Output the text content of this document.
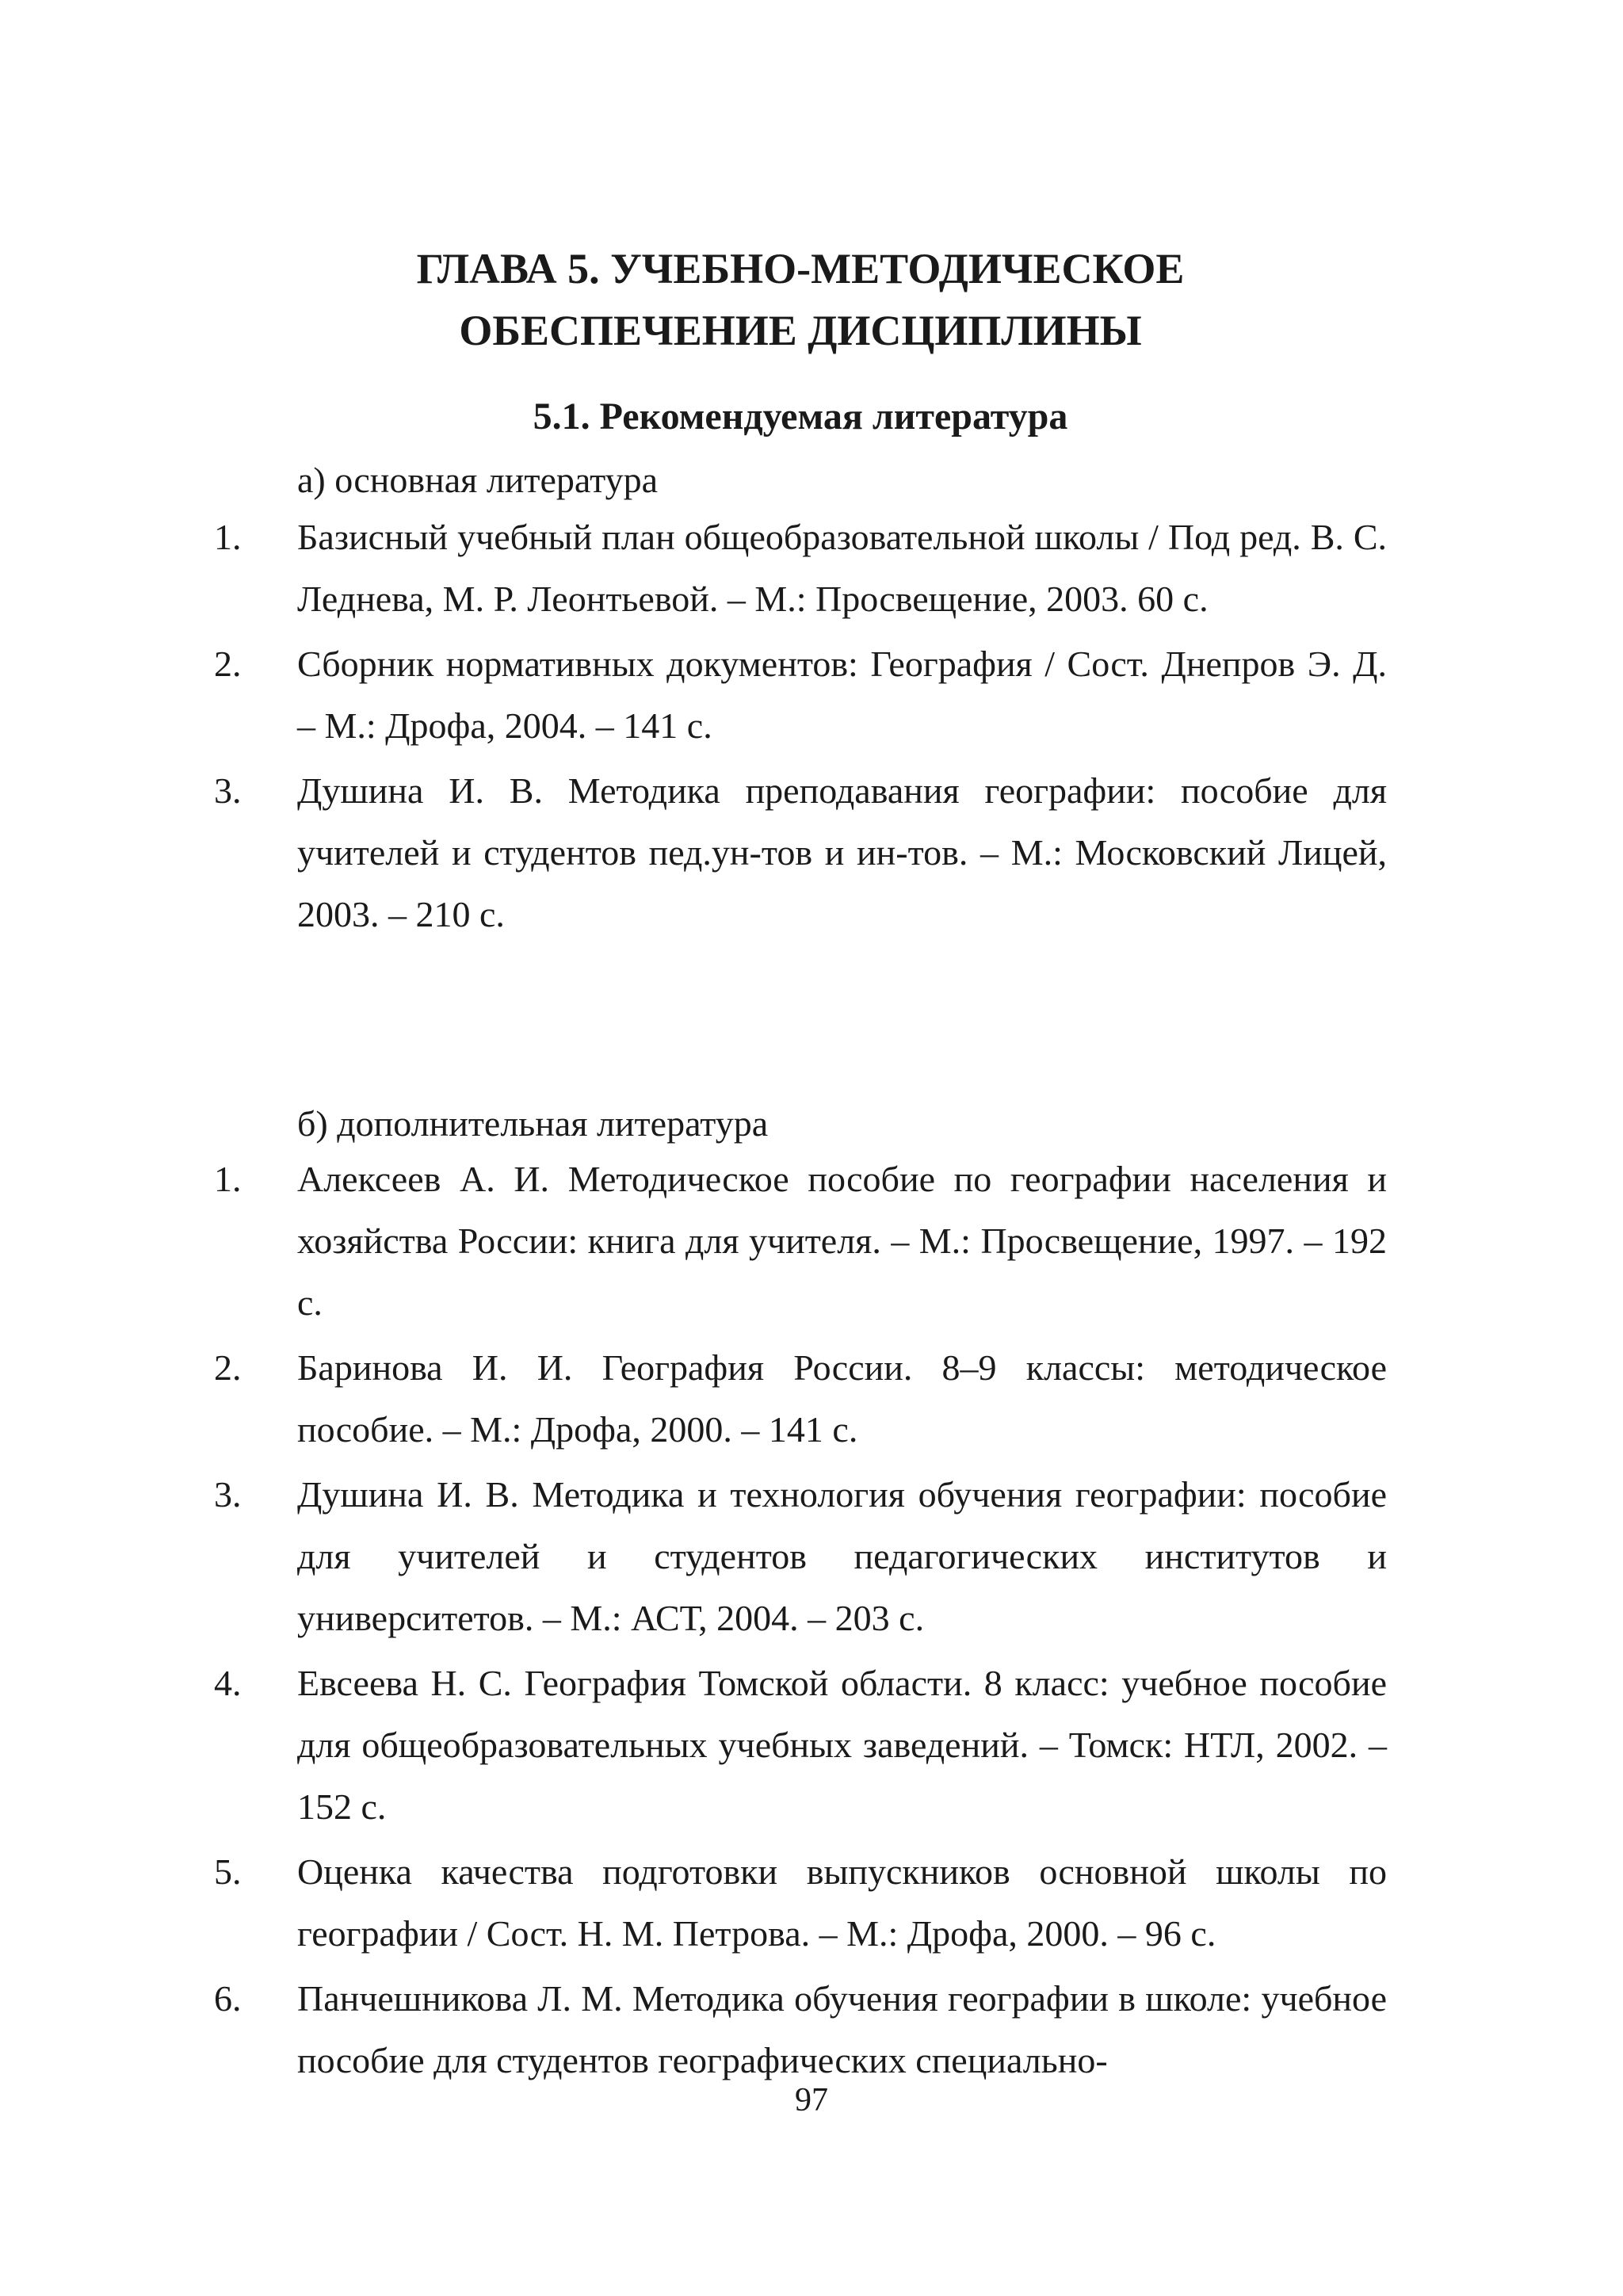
ГЛАВА 5. УЧЕБНО-МЕТОДИЧЕСКОЕ
ОБЕСПЕЧЕНИЕ ДИСЦИПЛИНЫ
5.1. Рекомендуемая литература
а) основная литература
1.	Базисный учебный план общеобразовательной школы / Под ред. В. С. Леднева, М. Р. Леонтьевой. – М.: Просвещение, 2003. 60 с.
2.	Сборник нормативных документов: География / Сост. Днепров Э. Д. – М.: Дрофа, 2004. – 141 с.
3.	Душина И. В. Методика преподавания географии: пособие для учителей и студентов пед.ун-тов и ин-тов. – М.: Московский Лицей, 2003. – 210 с.
б) дополнительная литература
1.	Алексеев А. И. Методическое пособие по географии населения и хозяйства России: книга для учителя. – М.: Просвещение, 1997. – 192 с.
2.	Баринова И. И. География России. 8–9 классы: методическое пособие. – М.: Дрофа, 2000. – 141 с.
3.	Душина И. В. Методика и технология обучения географии: пособие для учителей и студентов педагогических институтов и университетов. – М.: АСТ, 2004. – 203 с.
4.	Евсеева Н. С. География Томской области. 8 класс: учебное пособие для общеобразовательных учебных заведений. – Томск: НТЛ, 2002. – 152 с.
5.	Оценка качества подготовки выпускников основной школы по географии / Сост. Н. М. Петрова. – М.: Дрофа, 2000. – 96 с.
6.	Панчешникова Л. М. Методика обучения географии в школе: учебное пособие для студентов географических специально-
97
